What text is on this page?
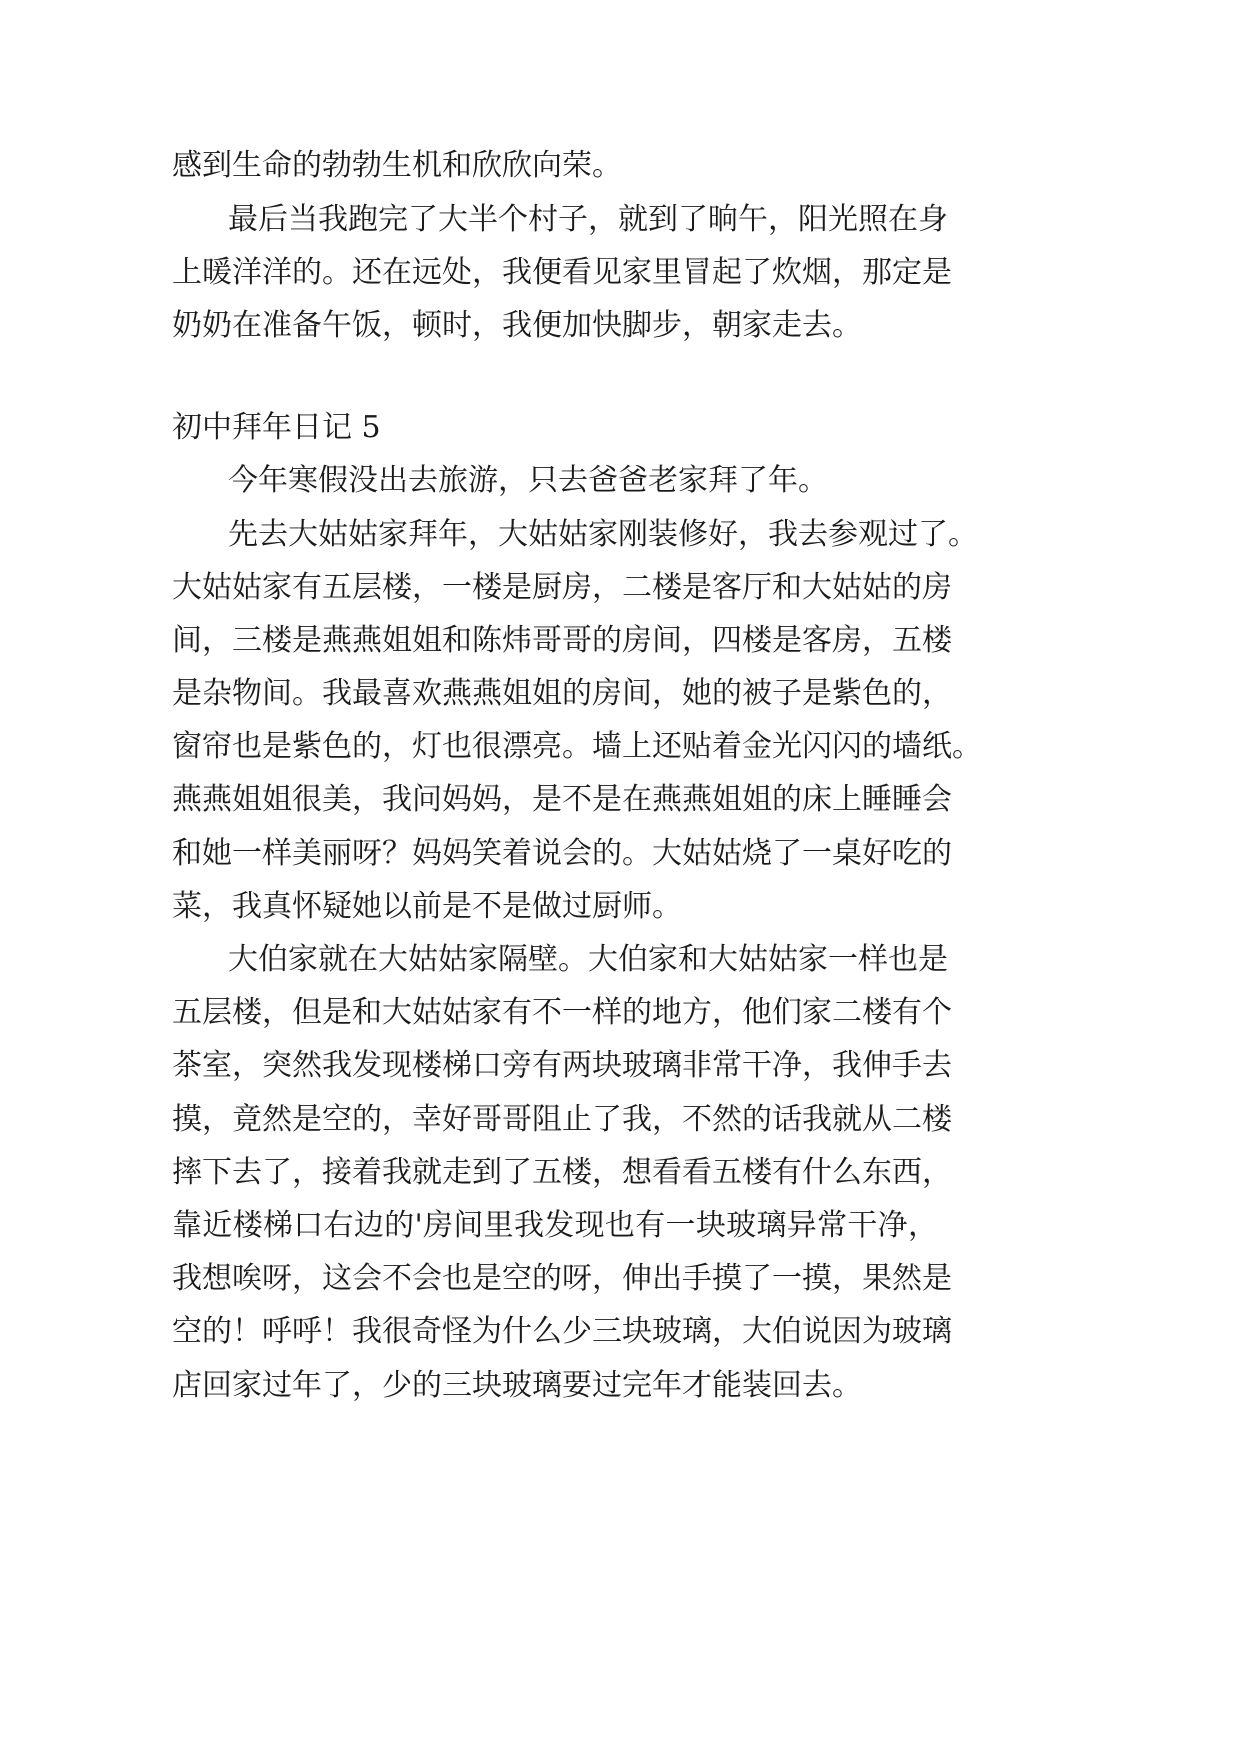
感到生命的勃勃生机和欣欣向荣。
最后当我跑完了大半个村子，就到了晌午，阳光照在身
上暖洋洋的。还在远处，我便看见家里冒起了炊烟，那定是
奶奶在准备午饭，顿时，我便加快脚步，朝家走去。
初中拜年日记 5
今年寒假没出去旅游，只去爸爸老家拜了年。
先去大姑姑家拜年，大姑姑家刚装修好，我去参观过了。
大姑姑家有五层楼，一楼是厨房，二楼是客厅和大姑姑的房
间，三楼是燕燕姐姐和陈炜哥哥的房间，四楼是客房，五楼
是杂物间。我最喜欢燕燕姐姐的房间，她的被子是紫色的，
窗帘也是紫色的，灯也很漂亮。墙上还贴着金光闪闪的墙纸。
燕燕姐姐很美，我问妈妈，是不是在燕燕姐姐的床上睡睡会
和她一样美丽呀？妈妈笑着说会的。大姑姑烧了一桌好吃的
菜，我真怀疑她以前是不是做过厨师。
大伯家就在大姑姑家隔壁。大伯家和大姑姑家一样也是
五层楼，但是和大姑姑家有不一样的地方，他们家二楼有个
茶室，突然我发现楼梯口旁有两块玻璃非常干净，我伸手去
摸，竟然是空的，幸好哥哥阻止了我，不然的话我就从二楼
摔下去了，接着我就走到了五楼，想看看五楼有什么东西，
靠近楼梯口右边的'房间里我发现也有一块玻璃异常干净，
我想唉呀，这会不会也是空的呀，伸出手摸了一摸，果然是
空的！呼呼！我很奇怪为什么少三块玻璃，大伯说因为玻璃
店回家过年了，少的三块玻璃要过完年才能装回去。
